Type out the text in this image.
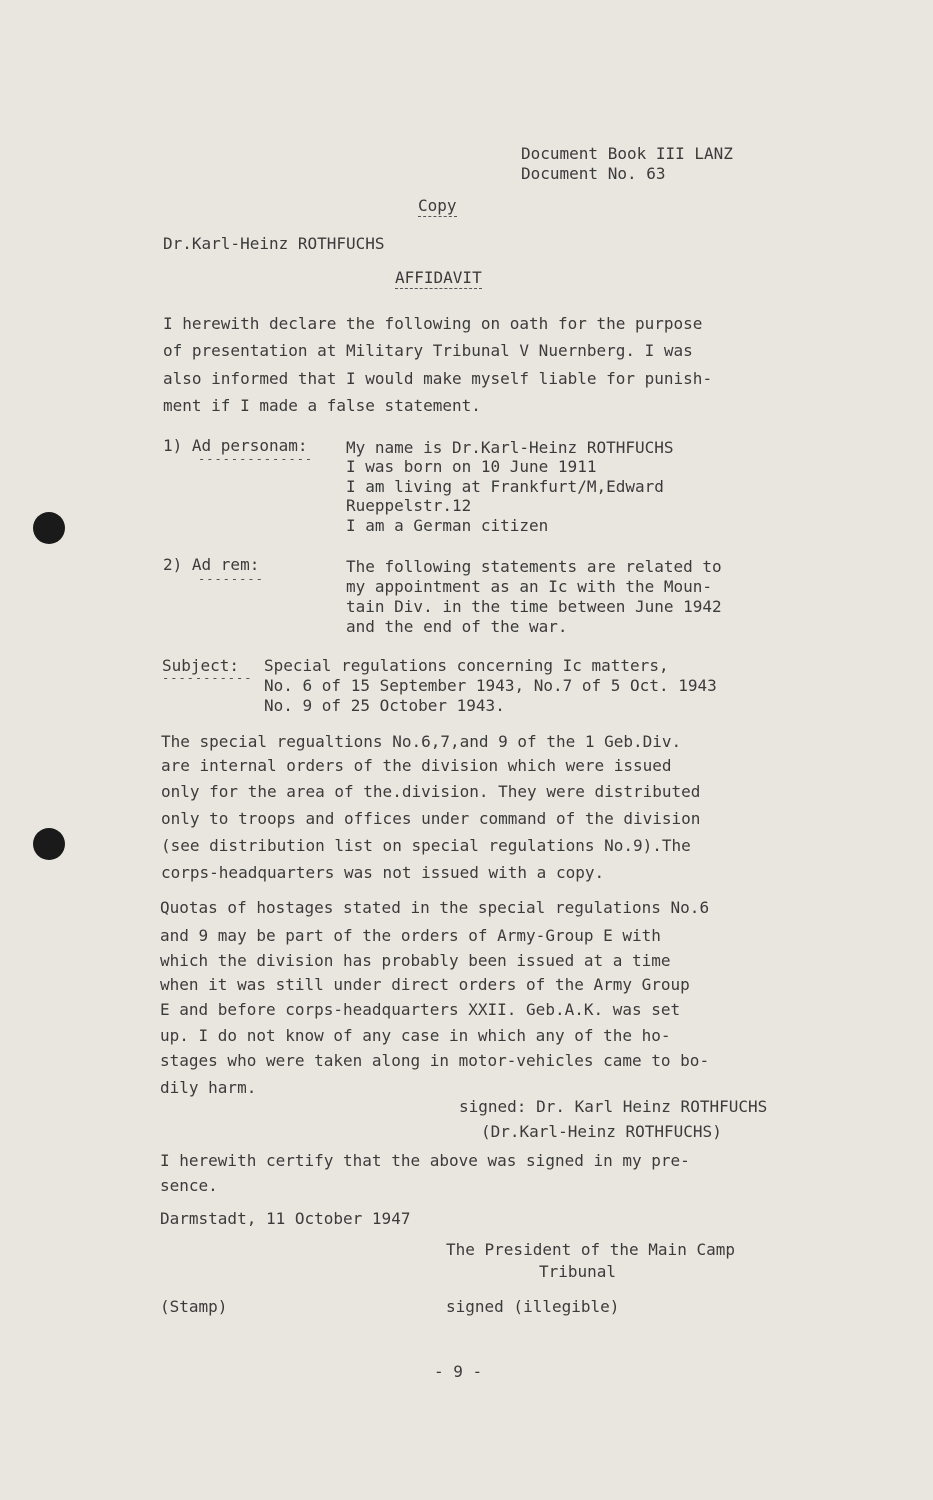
Document Book III LANZ
Document No. 63
Copy
Dr.Karl-Heinz ROTHFUCHS
AFFIDAVIT
I herewith declare the following on oath for the purpose
of presentation at Military Tribunal V Nuernberg. I was
also informed that I would make myself liable for punish-
ment if I made a false statement.
1) Ad personam:
--------------
My name is Dr.Karl-Heinz ROTHFUCHS
I was born on 10 June 1911
I am living at Frankfurt/M,Edward
Rueppelstr.12
I am a German citizen
2) Ad rem:
--------
The following statements are related to
my appointment as an Ic with the Moun-
tain Div. in the time between June 1942
and the end of the war.
Subject:
-----------
Special regulations concerning Ic matters,
No. 6 of 15 September 1943, No.7 of 5 Oct. 1943
No. 9 of 25 October 1943.
The special regualtions No.6,7,and 9 of the 1 Geb.Div.
are internal orders of the division which were issued
only for the area of the.division. They were distributed
only to troops and offices under command of the division
(see distribution list on special regulations No.9).The
corps-headquarters was not issued with a copy.
Quotas of hostages stated in the special regulations No.6
and 9 may be part of the orders of Army-Group E with
which the division has probably been issued at a time
when it was still under direct orders of the Army Group
E and before corps-headquarters XXII. Geb.A.K. was set
up. I do not know of any case in which any of the ho-
stages who were taken along in motor-vehicles came to bo-
dily harm.
signed: Dr. Karl Heinz ROTHFUCHS
(Dr.Karl-Heinz ROTHFUCHS)
I herewith certify that the above was signed in my pre-
sence.
Darmstadt, 11 October 1947
The President of the Main Camp
Tribunal
(Stamp)	signed (illegible)
- 9 -
